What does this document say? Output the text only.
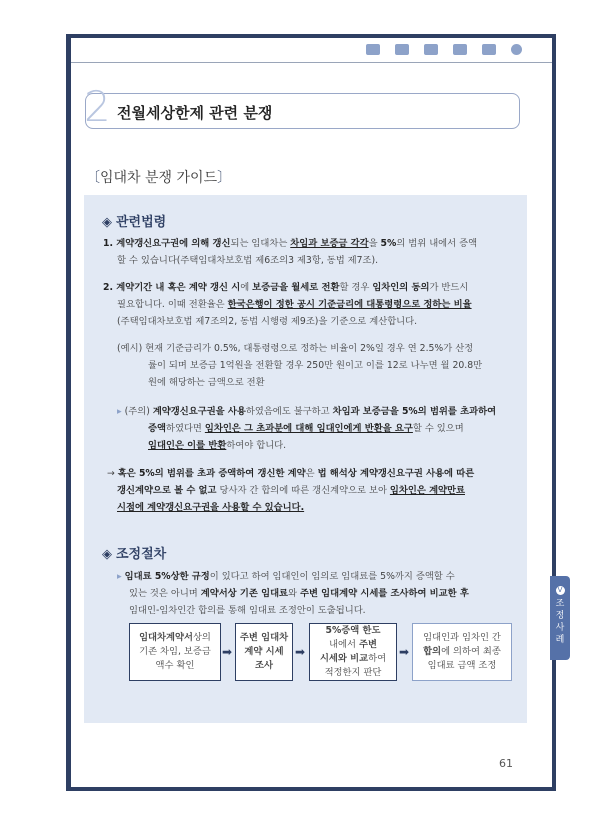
2 전월세상한제 관련 분쟁
〔임대차 분쟁 가이드〕
◈ 관련법령
1. 계약갱신요구권에 의해 갱신되는 임대차는 차임과 보증금 각각을 5%의 범위 내에서 증액
할 수 있습니다(주택임대차보호법 제6조의3 제3항, 동법 제7조).
2. 계약기간 내 혹은 계약 갱신 시에 보증금을 월세로 전환할 경우 임차인의 동의가 반드시
필요합니다. 이때 전환율은 한국은행이 정한 공시 기준금리에 대통령령으로 정하는 비율
(주택임대차보호법 제7조의2, 동법 시행령 제9조)을 기준으로 계산합니다.
(예시) 현재 기준금리가 0.5%, 대통령령으로 정하는 비율이 2%일 경우 연 2.5%가 산정
률이 되며 보증금 1억원을 전환할 경우 250만 원이고 이를 12로 나누면 월 20.8만
원에 해당하는 금액으로 전환
▸ (주의) 계약갱신요구권을 사용하였음에도 불구하고 차임과 보증금을 5%의 범위를 초과하여
증액하였다면 임차인은 그 초과분에 대해 임대인에게 반환을 요구할 수 있으며
임대인은 이를 반환하여야 합니다.
→ 혹은 5%의 범위를 초과 증액하여 갱신한 계약은 법 해석상 계약갱신요구권 사용에 따른
갱신계약으로 볼 수 없고 당사자 간 합의에 따른 갱신계약으로 보아 임차인은 계약만료
시점에 계약갱신요구권을 사용할 수 있습니다.
◈ 조정절차
▸ 임대료 5%상한 규정이 있다고 하여 임대인이 임의로 임대료를 5%까지 증액할 수
있는 것은 아니며 계약서상 기존 임대료와 주변 임대계약 시세를 조사하여 비교한 후
임대인-임차인간 합의를 통해 임대료 조정안이 도출됩니다.
임대차계약서상의
기존 차임, 보증금
액수 확인
➡
주변 임대차
계약 시세
조사
➡
5%증액 한도
내에서 주변
시세와 비교하여
적정한지 판단
➡
임대인과 임차인 간
합의에 의하여 최종
임대료 금액 조정
Ⅴ
조
정
사
례
61
